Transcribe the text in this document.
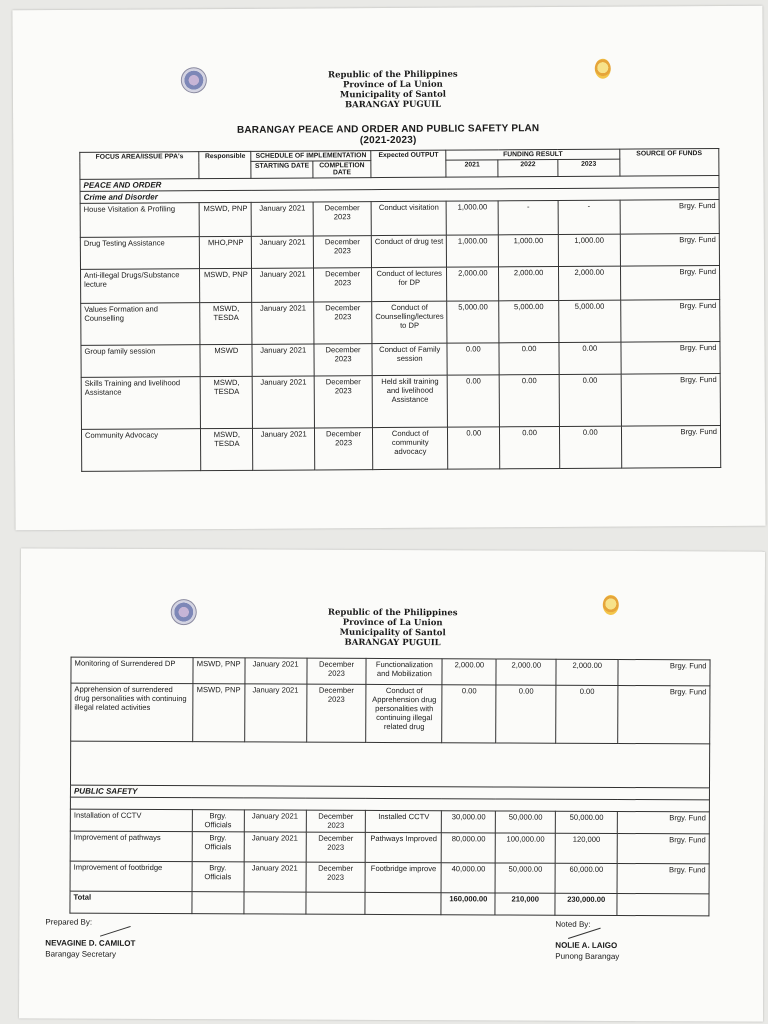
Republic of the Philippines
Province of La Union
Municipality of Santol
BARANGAY PUGUIL
BARANGAY PEACE AND ORDER AND PUBLIC SAFETY PLAN
(2021-2023)
FOCUS AREA/ISSUE PPA's	Responsible	SCHEDULE OF IMPLEMENTATION		Expected OUTPUT	FUNDING RESULT			SOURCE OF FUNDS
		STARTING DATE	COMPLETION DATE		2021	2022	2023	
PEACE AND ORDER								
Crime and Disorder								
House Visitation & Profiling	MSWD, PNP	January 2021	December 2023	Conduct visitation	1,000.00	-	-	Brgy. Fund
Drug Testing Assistance	MHO,PNP	January 2021	December 2023	Conduct of drug test	1,000.00	1,000.00	1,000.00	Brgy. Fund
Anti-illegal Drugs/Substance lecture	MSWD, PNP	January 2021	December 2023	Conduct of lectures for DP	2,000.00	2,000.00	2,000.00	Brgy. Fund
Values Formation and Counselling	MSWD, TESDA	January 2021	December 2023	Conduct of Counselling/lectures to DP	5,000.00	5,000.00	5,000.00	Brgy. Fund
Group family session	MSWD	January 2021	December 2023	Conduct of Family session	0.00	0.00	0.00	Brgy. Fund
Skills Training and livelihood Assistance	MSWD, TESDA	January 2021	December 2023	Held skill training and livelihood Assistance	0.00	0.00	0.00	Brgy. Fund
Community Advocacy	MSWD, TESDA	January 2021	December 2023	Conduct of community advocacy	0.00	0.00	0.00	Brgy. Fund
Republic of the Philippines
Province of La Union
Municipality of Santol
BARANGAY PUGUIL
Monitoring of Surrendered DP	MSWD, PNP	January 2021	December 2023	Functionalization and Mobilization	2,000.00	2,000.00	2,000.00	Brgy. Fund
Apprehension of surrendered drug personalities with continuing illegal related activities	MSWD, PNP	January 2021	December 2023	Conduct of Apprehension drug personalities with continuing illegal related drug	0.00	0.00	0.00	Brgy. Fund

PUBLIC SAFETY								

Installation of CCTV	Brgy. Officials	January 2021	December 2023	Installed CCTV	30,000.00	50,000.00	50,000.00	Brgy. Fund
Improvement of pathways	Brgy. Officials	January 2021	December 2023	Pathways Improved	80,000.00	100,000.00	120,000	Brgy. Fund
Improvement of footbridge	Brgy. Officials	January 2021	December 2023	Footbridge improve	40,000.00	50,000.00	60,000.00	Brgy. Fund
Total					160,000.00	210,000	230,000.00	
Prepared By:
NEVAGINE D. CAMILOT
Barangay Secretary
Noted By:
NOLIE A. LAIGO
Punong Barangay
